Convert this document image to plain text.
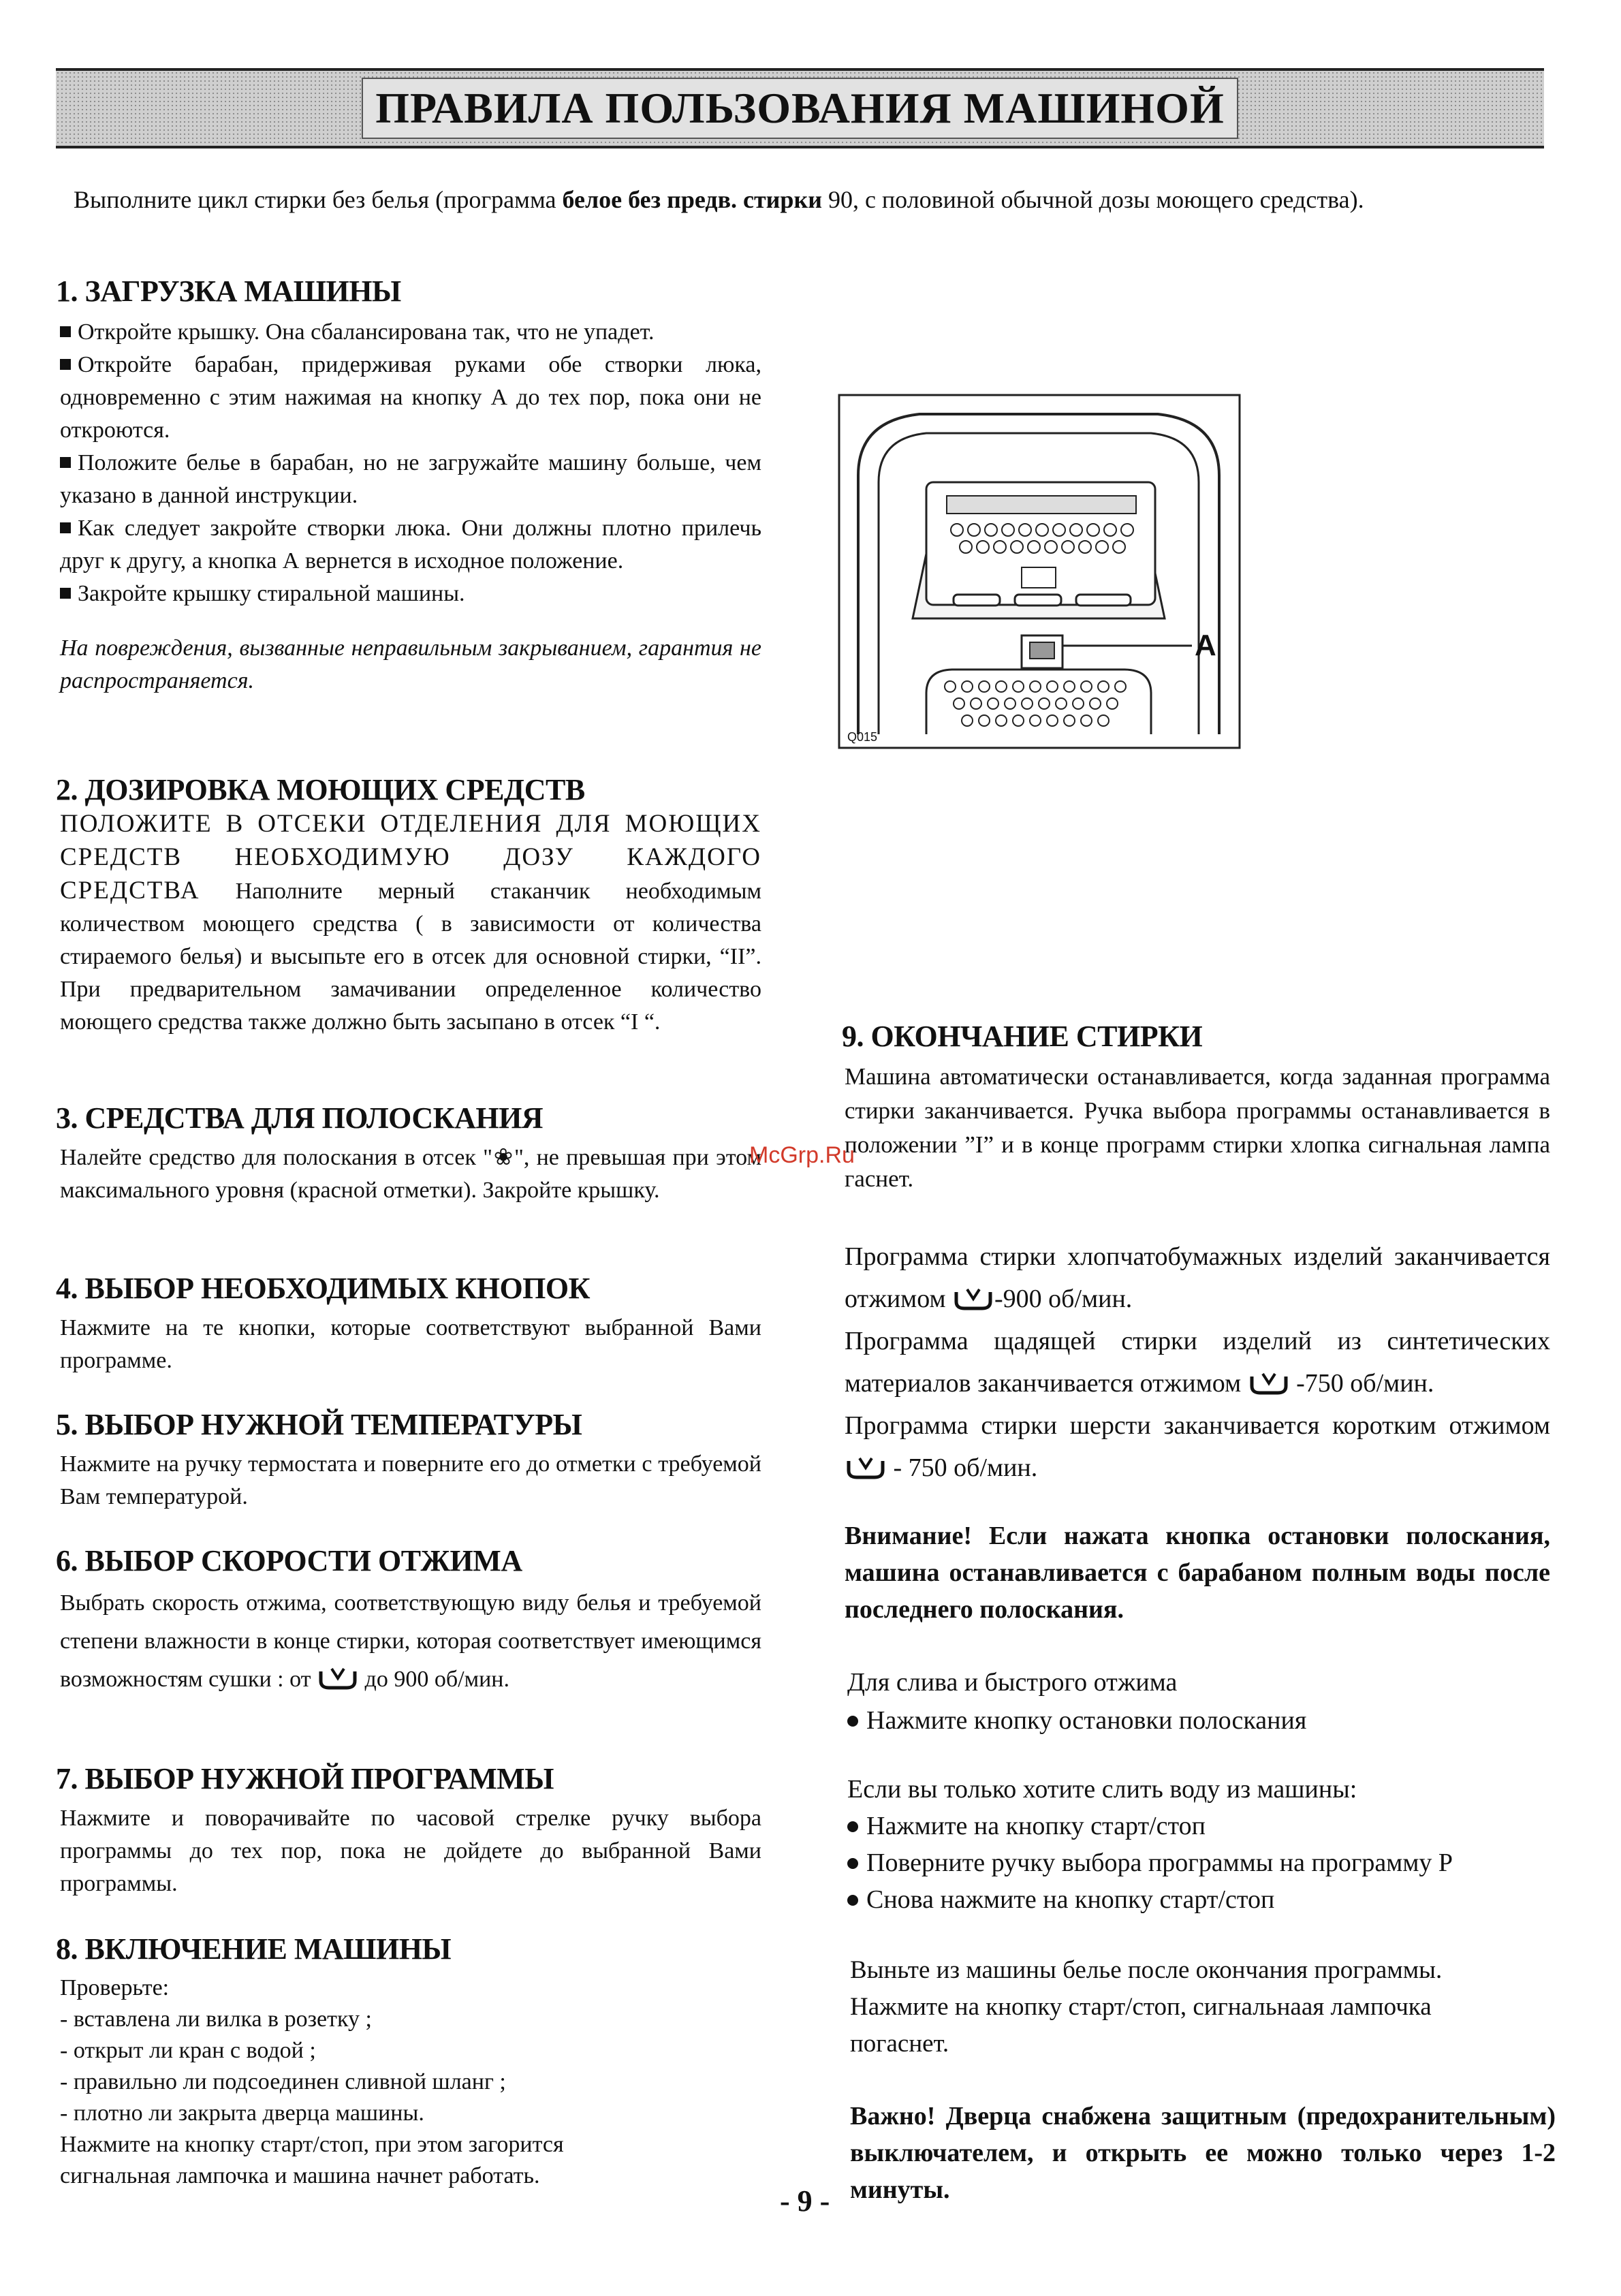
ПРАВИЛА ПОЛЬЗОВАНИЯ МАШИНОЙ
Выполните цикл стирки без белья (программа белое без предв. стирки 90, с половиной обычной дозы моющего средства).
1. ЗАГРУЗКА МАШИНЫ

Откройте крышку. Она сбалансирована так, что не упадет.

Откройте барабан, придерживая руками обе створки люка, одновременно с этим нажимая на кнопку А до тех пор, пока они не откроются.

Положите белье в барабан, но не загружайте машину больше, чем указано в данной инструкции.

Как следует закройте створки люка. Они должны плотно прилечь друг к другу, а кнопка А вернется в исходное положение.

Закройте крышку стиральной машины.

На повреждения, вызванные неправильным закрыванием, гарантия не распространяется.

A
Q015
2. ДОЗИРОВКА МОЮЩИХ СРЕДСТВ

ПОЛОЖИТЕ В ОТСЕКИ ОТДЕЛЕНИЯ ДЛЯ МОЮЩИХ СРЕДСТВ НЕОБХОДИМУЮ ДОЗУ КАЖДОГО СРЕДСТВА Наполните мерный стаканчик необходимым количеством моющего средства ( в зависимости от количества стираемого белья) и высыпьте его в отсек для основной стирки, “II”. При предварительном замачивании определенное количество моющего средства также должно быть засыпано в отсек “I “.

3. СРЕДСТВА ДЛЯ ПОЛОСКАНИЯ

Налейте средство для полоскания в отсек "❀", не превышая при этом максимального уровня (красной отметки). Закройте крышку.

4. ВЫБОР НЕОБХОДИМЫХ КНОПОК

Нажмите на те кнопки, которые соответствуют выбранной Вами программе.

5. ВЫБОР НУЖНОЙ ТЕМПЕРАТУРЫ

Нажмите на ручку термостата и поверните его до отметки с требуемой Вам температурой.

6. ВЫБОР СКОРОСТИ ОТЖИМА

Выбрать скорость отжима, соответствующую виду белья и требуемой степени влажности в конце стирки, которая соответствует имеющимся возможностям сушки : от  до 900 об/мин.

7. ВЫБОР НУЖНОЙ ПРОГРАММЫ

Нажмите и поворачивайте по часовой стрелке ручку выбора программы до тех пор, пока не дойдете до выбранной Вами программы.

8. ВКЛЮЧЕНИЕ МАШИНЫ

Проверьте:

- вставлена ли вилка в розетку ;

- открыт ли кран с водой ;

- правильно ли подсоединен сливной шланг ;

- плотно ли закрыта дверца машины.

Нажмите на кнопку старт/стоп, при этом загорится

сигнальная лампочка и машина начнет работать.

9. ОКОНЧАНИЕ СТИРКИ

Машина автоматически останавливается, когда заданная программа стирки заканчивается. Ручка выбора программы останавливается в положении ”I” и в конце программ стирки хлопка сигнальная лампа гаснет.

Программа стирки хлопчатобумажных изделий заканчивается отжимом -900 об/мин.

Программа щадящей стирки изделий из синтетических материалов заканчивается отжимом  -750 об/мин.

Программа стирки шерсти заканчивается коротким отжимом  - 750 об/мин.

Внимание! Если нажата кнопка остановки полоскания, машина останавливается с барабаном полным воды после последнего полоскания.

Для слива и быстрого отжима

Нажмите кнопку остановки полоскания

Если вы только хотите слить воду из машины:

Нажмите на кнопку старт/стоп

Поверните ручку выбора программы на программу Р

Снова нажмите на кнопку старт/стоп

Выньте из машины белье после окончания программы. Нажмите на кнопку старт/стоп, сигнальнаая лампочка погаснет.

Важно! Дверца снабжена защитным (предохранительным) выключателем, и открыть ее можно только через 1-2 минуты.

McGrp.Ru
- 9 -
